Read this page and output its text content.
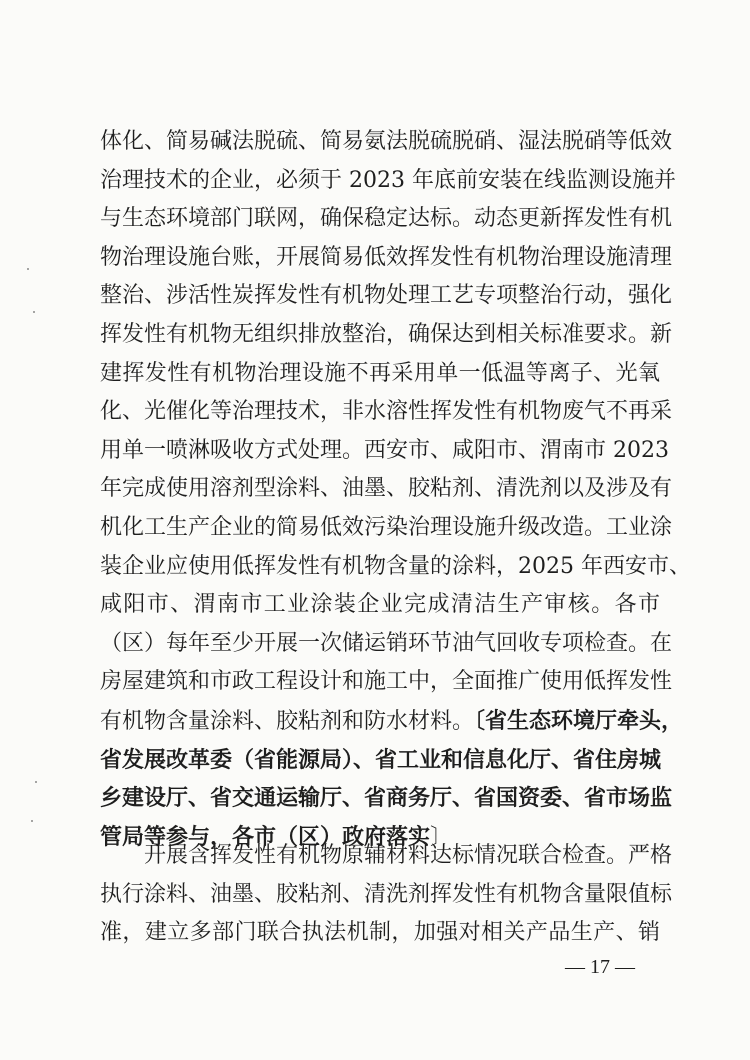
体化、简易碱法脱硫、简易氨法脱硫脱硝、湿法脱硝等低效
治理技术的企业，必须于 2023 年底前安装在线监测设施并
与生态环境部门联网，确保稳定达标。动态更新挥发性有机
物治理设施台账，开展简易低效挥发性有机物治理设施清理
整治、涉活性炭挥发性有机物处理工艺专项整治行动，强化
挥发性有机物无组织排放整治，确保达到相关标准要求。新
建挥发性有机物治理设施不再采用单一低温等离子、光氧
化、光催化等治理技术，非水溶性挥发性有机物废气不再采
用单一喷淋吸收方式处理。西安市、咸阳市、渭南市 2023
年完成使用溶剂型涂料、油墨、胶粘剂、清洗剂以及涉及有
机化工生产企业的简易低效污染治理设施升级改造。工业涂
装企业应使用低挥发性有机物含量的涂料，2025 年西安市、
咸阳市、渭南市工业涂装企业完成清洁生产审核。各市
（区）每年至少开展一次储运销环节油气回收专项检查。在
房屋建筑和市政工程设计和施工中，全面推广使用低挥发性
有机物含量涂料、胶粘剂和防水材料。〔省生态环境厅牵头，
省发展改革委（省能源局）、省工业和信息化厅、省住房城
乡建设厅、省交通运输厅、省商务厅、省国资委、省市场监
管局等参与，各市（区）政府落实〕
开展含挥发性有机物原辅材料达标情况联合检查。严格
执行涂料、油墨、胶粘剂、清洗剂挥发性有机物含量限值标
准，建立多部门联合执法机制，加强对相关产品生产、销
— 17 —
